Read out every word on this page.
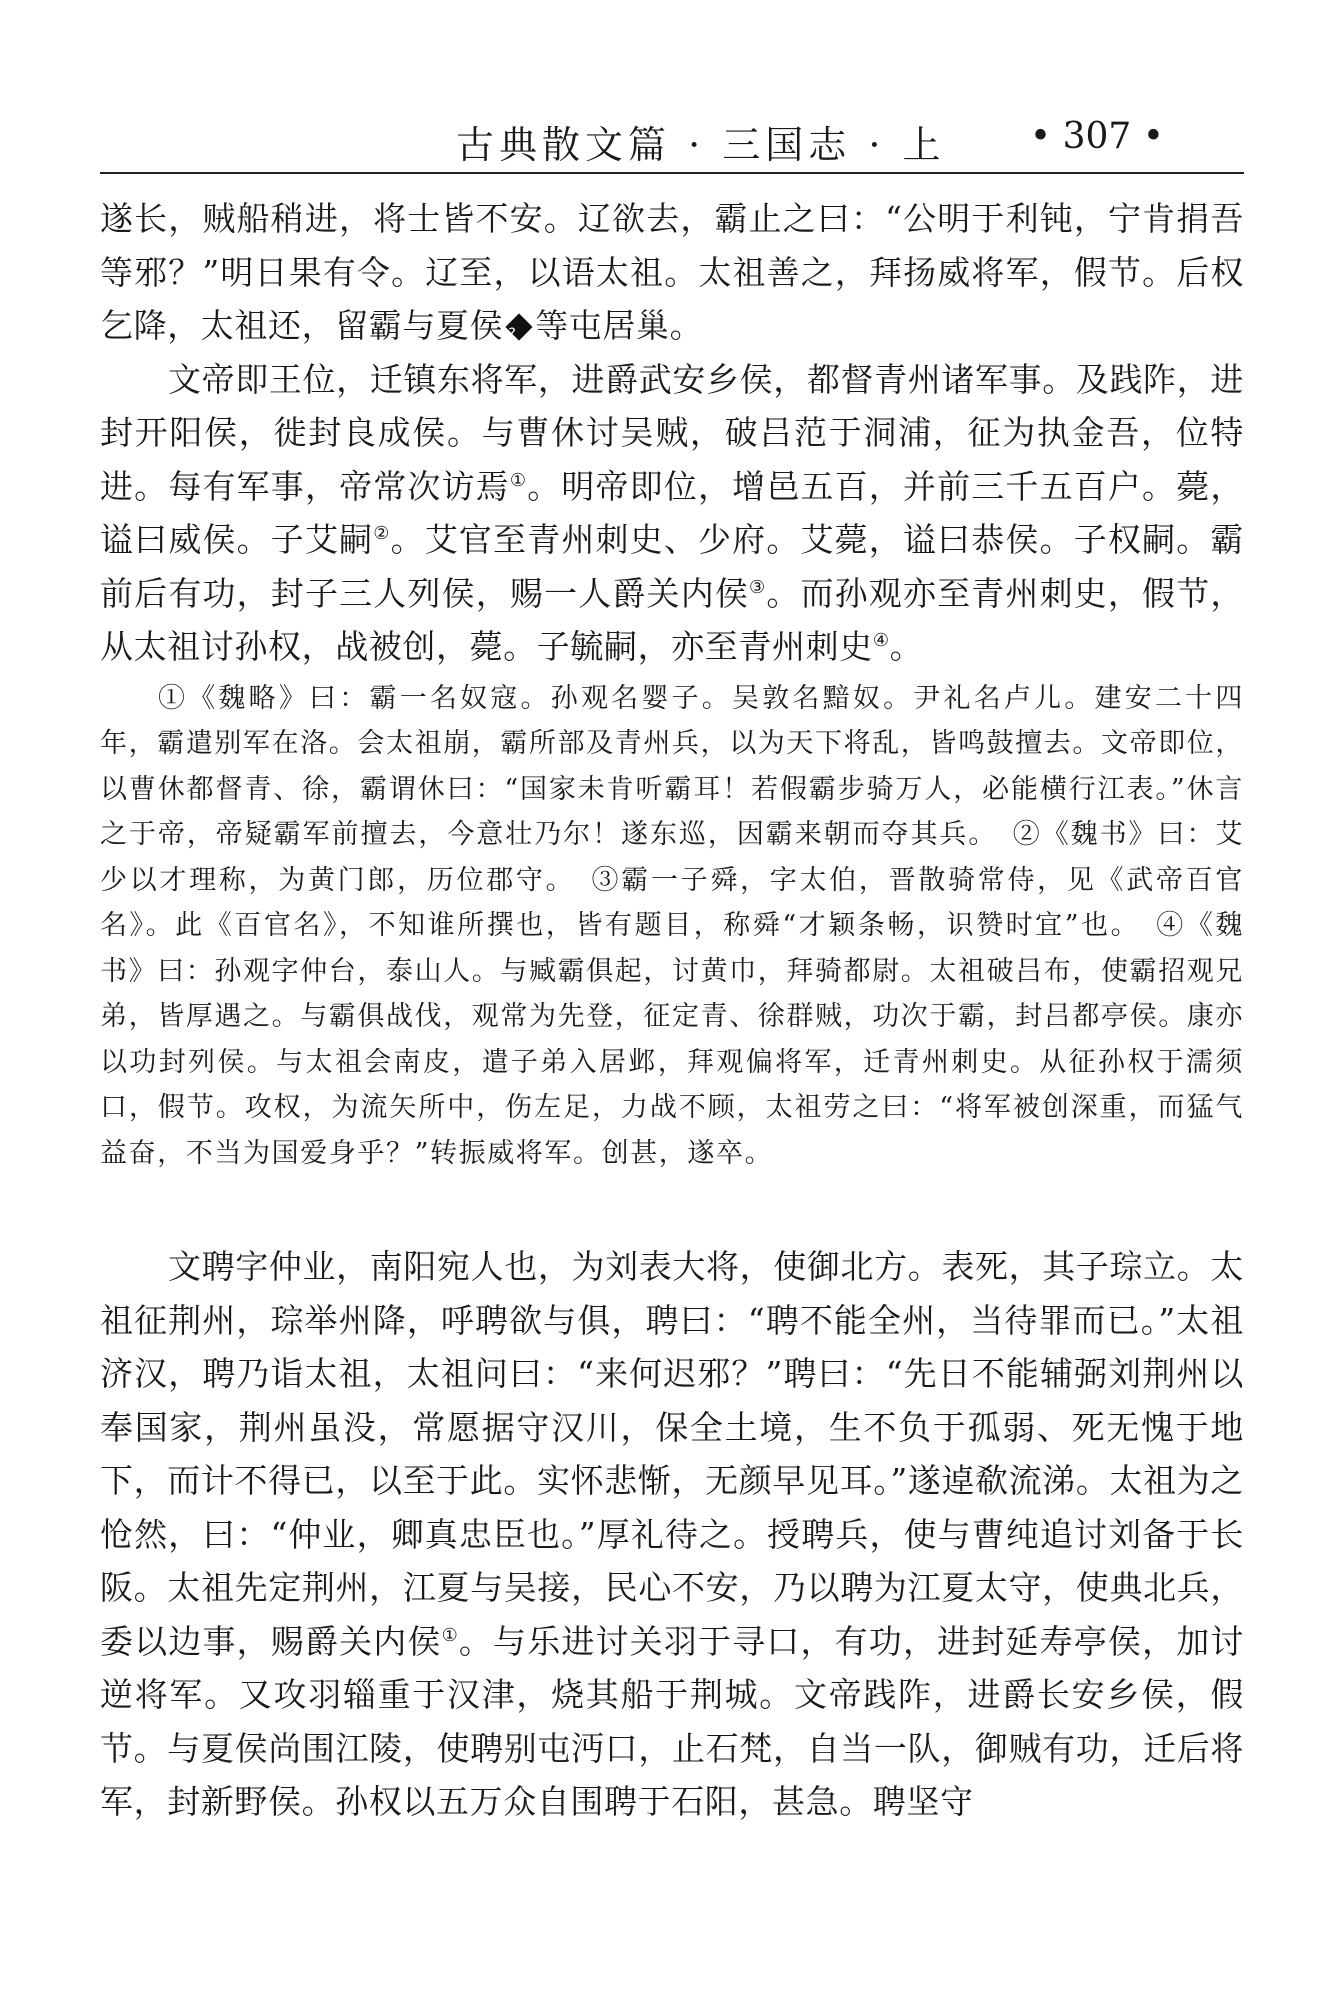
古典散文篇 · 三国志 · 上 • 307 •

遂长，贼船稍进，将士皆不安。辽欲去，霸止之曰：“公明于利钝，宁肯捐吾等邪？”明日果有令。辽至，以语太祖。太祖善之，拜扬威将军，假节。后权乞降，太祖还，留霸与夏侯? 等屯居巢。

文帝即王位，迁镇东将军，进爵武安乡侯，都督青州诸军事。及践阼，进封开阳侯，徙封良成侯。与曹休讨吴贼，破吕范于洞浦，征为执金吾，位特进。每有军事，帝常次访焉①。明帝即位，增邑五百，并前三千五百户。薨，谥曰威侯。子艾嗣②。艾官至青州刺史、少府。艾薨，谥曰恭侯。子权嗣。霸前后有功，封子三人列侯，赐一人爵关内侯③。而孙观亦至青州刺史，假节，从太祖讨孙权，战被创，薨。子毓嗣，亦至青州刺史④。

①《魏略》曰：霸一名奴寇。孙观名婴子。吴敦名黯奴。尹礼名卢儿。建安二十四年，霸遣别军在洛。会太祖崩，霸所部及青州兵，以为天下将乱，皆鸣鼓擅去。文帝即位，以曹休都督青、徐，霸谓休曰：“国家未肯听霸耳！若假霸步骑万人，必能横行江表。”休言之于帝，帝疑霸军前擅去，今意壮乃尔！遂东巡，因霸来朝而夺其兵。　②《魏书》曰：艾少以才理称，为黄门郎，历位郡守。　③霸一子舜，字太伯，晋散骑常侍，见《武帝百官名》。此《百官名》，不知谁所撰也，皆有题目，称舜“才颖条畅，识赞时宜”也。　④《魏书》曰：孙观字仲台，泰山人。与臧霸俱起，讨黄巾，拜骑都尉。太祖破吕布，使霸招观兄弟，皆厚遇之。与霸俱战伐，观常为先登，征定青、徐群贼，功次于霸，封吕都亭侯。康亦以功封列侯。与太祖会南皮，遣子弟入居邺，拜观偏将军，迁青州刺史。从征孙权于濡须口，假节。攻权，为流矢所中，伤左足，力战不顾，太祖劳之曰：“将军被创深重，而猛气益奋，不当为国爱身乎？”转振威将军。创甚，遂卒。

文聘字仲业，南阳宛人也，为刘表大将，使御北方。表死，其子琮立。太祖征荆州，琮举州降，呼聘欲与俱，聘曰：“聘不能全州，当待罪而已。”太祖济汉，聘乃诣太祖，太祖问曰：“来何迟邪？”聘曰：“先日不能辅弼刘荆州以奉国家，荆州虽没，常愿据守汉川，保全土境，生不负于孤弱、死无愧于地下，而计不得已，以至于此。实怀悲惭，无颜早见耳。”遂逴欷流涕。太祖为之怆然，曰：“仲业，卿真忠臣也。”厚礼待之。授聘兵，使与曹纯追讨刘备于长阪。太祖先定荆州，江夏与吴接，民心不安，乃以聘为江夏太守，使典北兵，委以边事，赐爵关内侯①。与乐进讨关羽于寻口，有功，进封延寿亭侯，加讨逆将军。又攻羽辎重于汉津，烧其船于荆城。文帝践阼，进爵长安乡侯，假节。与夏侯尚围江陵，使聘别屯沔口，止石梵，自当一队，御贼有功，迁后将军，封新野侯。孙权以五万众自围聘于石阳，甚急。聘坚守
